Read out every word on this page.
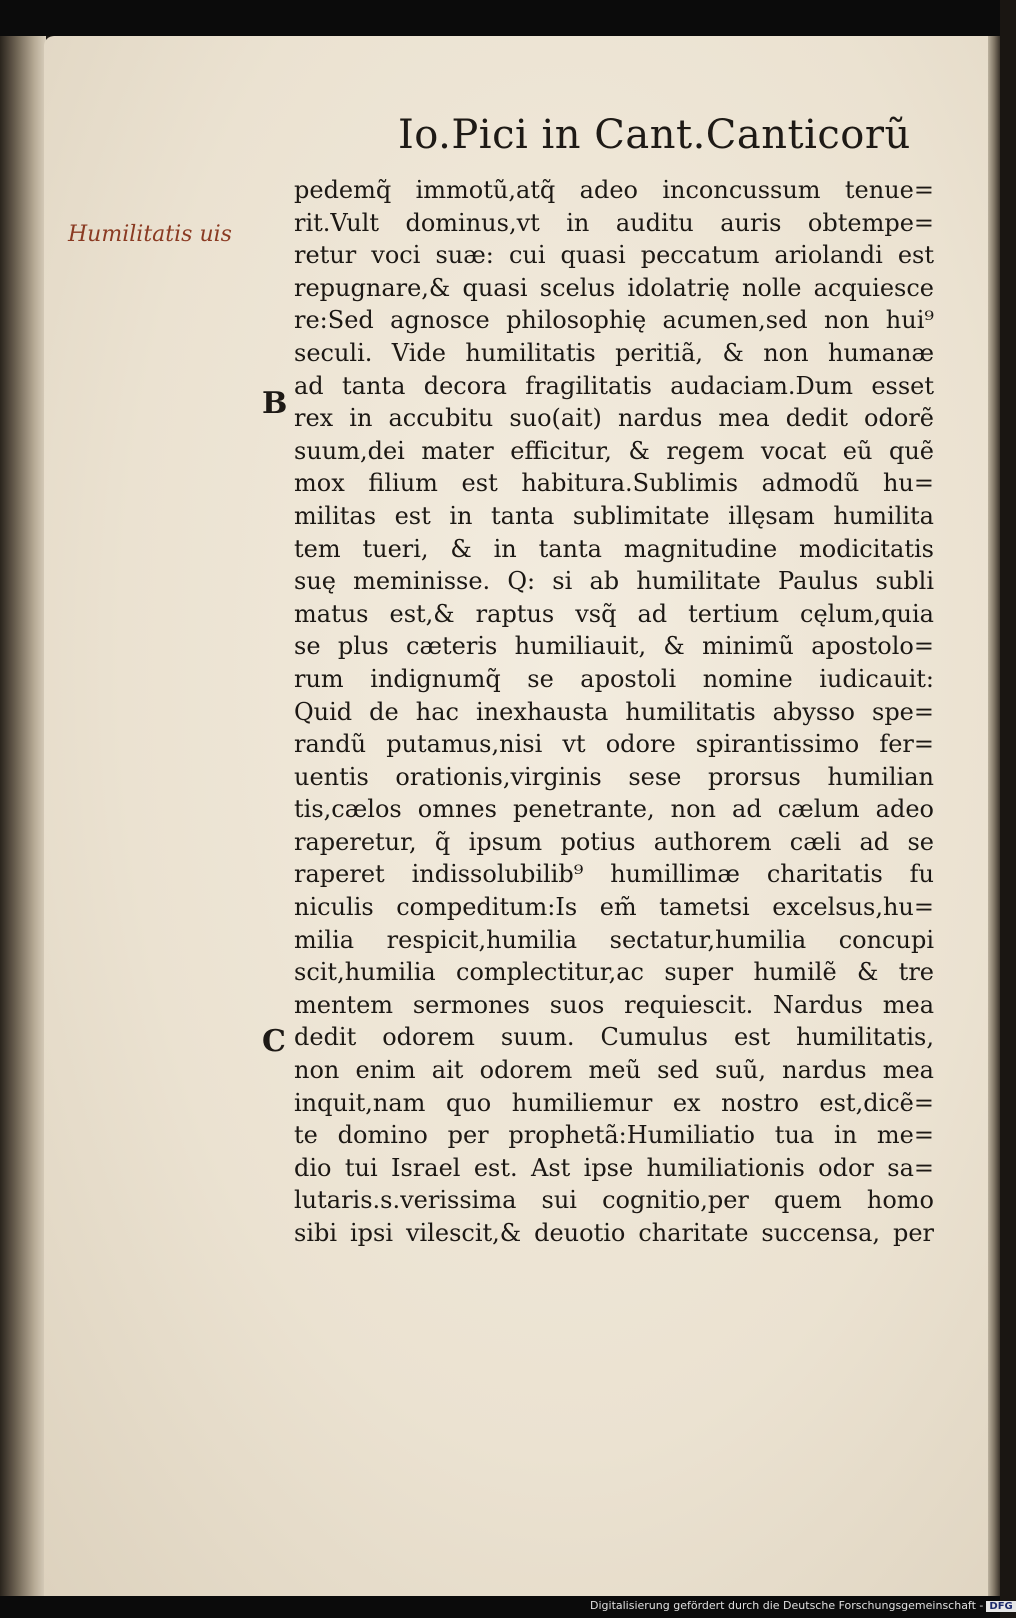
Io.Pici in Cant.Canticorũ
Humilitatis uis
B
C
pedemq̃ immotũ,atq̃ adeo inconcussum tenue=
rit.Vult dominus,vt in auditu auris obtempe=
retur voci suæ: cui quasi peccatum ariolandi est
repugnare,& quasi scelus idolatrię nolle acquiesce
re:Sed agnosce philosophię acumen,sed non hui⁹
seculi. Vide humilitatis peritiã, & non humanæ
ad tanta decora fragilitatis audaciam.Dum esset
rex in accubitu suo(ait) nardus mea dedit odorẽ
suum,dei mater efficitur, & regem vocat eũ quẽ
mox filium est habitura.Sublimis admodũ hu=
militas est in tanta sublimitate illęsam humilita
tem tueri, & in tanta magnitudine modicitatis
suę meminisse. Q: si ab humilitate Paulus subli
matus est,& raptus vsq̃ ad tertium cęlum,quia
se plus cæteris humiliauit, & minimũ apostolo=
rum indignumq̃ se apostoli nomine iudicauit:
Quid de hac inexhausta humilitatis abysso spe=
randũ putamus,nisi vt odore spirantissimo fer=
uentis orationis,virginis sese prorsus humilian
tis,cælos omnes penetrante, non ad cælum adeo
raperetur, q̃ ipsum potius authorem cæli ad se
raperet indissolubilib⁹ humillimæ charitatis fu
niculis compeditum:Is em̃ tametsi excelsus,hu=
milia respicit,humilia sectatur,humilia concupi
scit,humilia complectitur,ac super humilẽ & tre
mentem sermones suos requiescit. Nardus mea
dedit odorem suum. Cumulus est humilitatis,
non enim ait odorem meũ sed suũ, nardus mea
inquit,nam quo humiliemur ex nostro est,dicẽ=
te domino per prophetã:Humiliatio tua in me=
dio tui Israel est. Ast ipse humiliationis odor sa=
lutaris.s.verissima sui cognitio,per quem homo
sibi ipsi vilescit,& deuotio charitate succensa, per
Digitalisierung gefördert durch die Deutsche Forschungsgemeinschaft - DFG
